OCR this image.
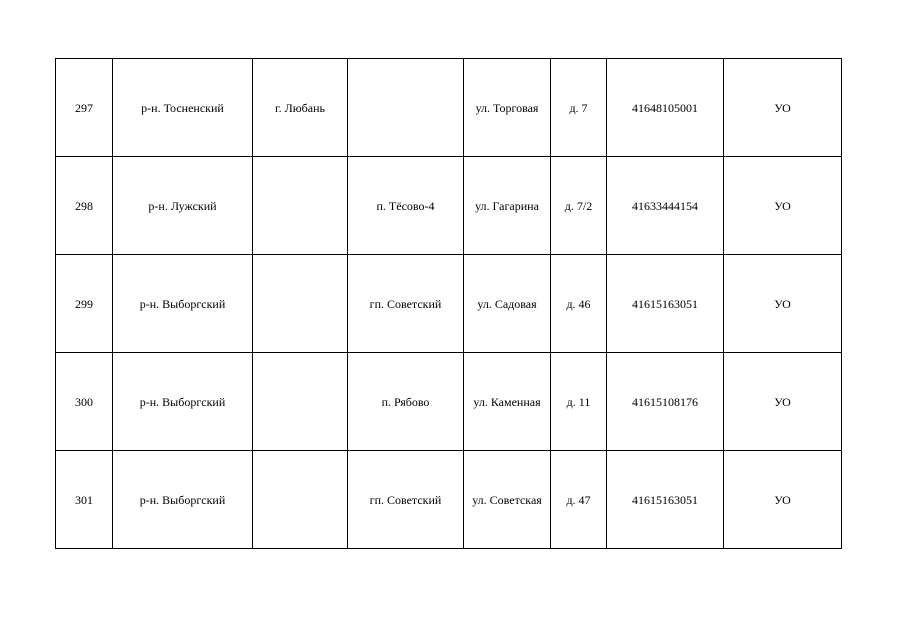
297	р-н. Тосненский	г. Любань		ул. Торговая	д. 7	41648105001	УО
298	р-н. Лужский		п. Тёсово-4	ул. Гагарина	д. 7/2	41633444154	УО
299	р-н. Выборгский		гп. Советский	ул. Садовая	д. 46	41615163051	УО
300	р-н. Выборгский		п. Рябово	ул. Каменная	д. 11	41615108176	УО
301	р-н. Выборгский		гп. Советский	ул. Советская	д. 47	41615163051	УО
